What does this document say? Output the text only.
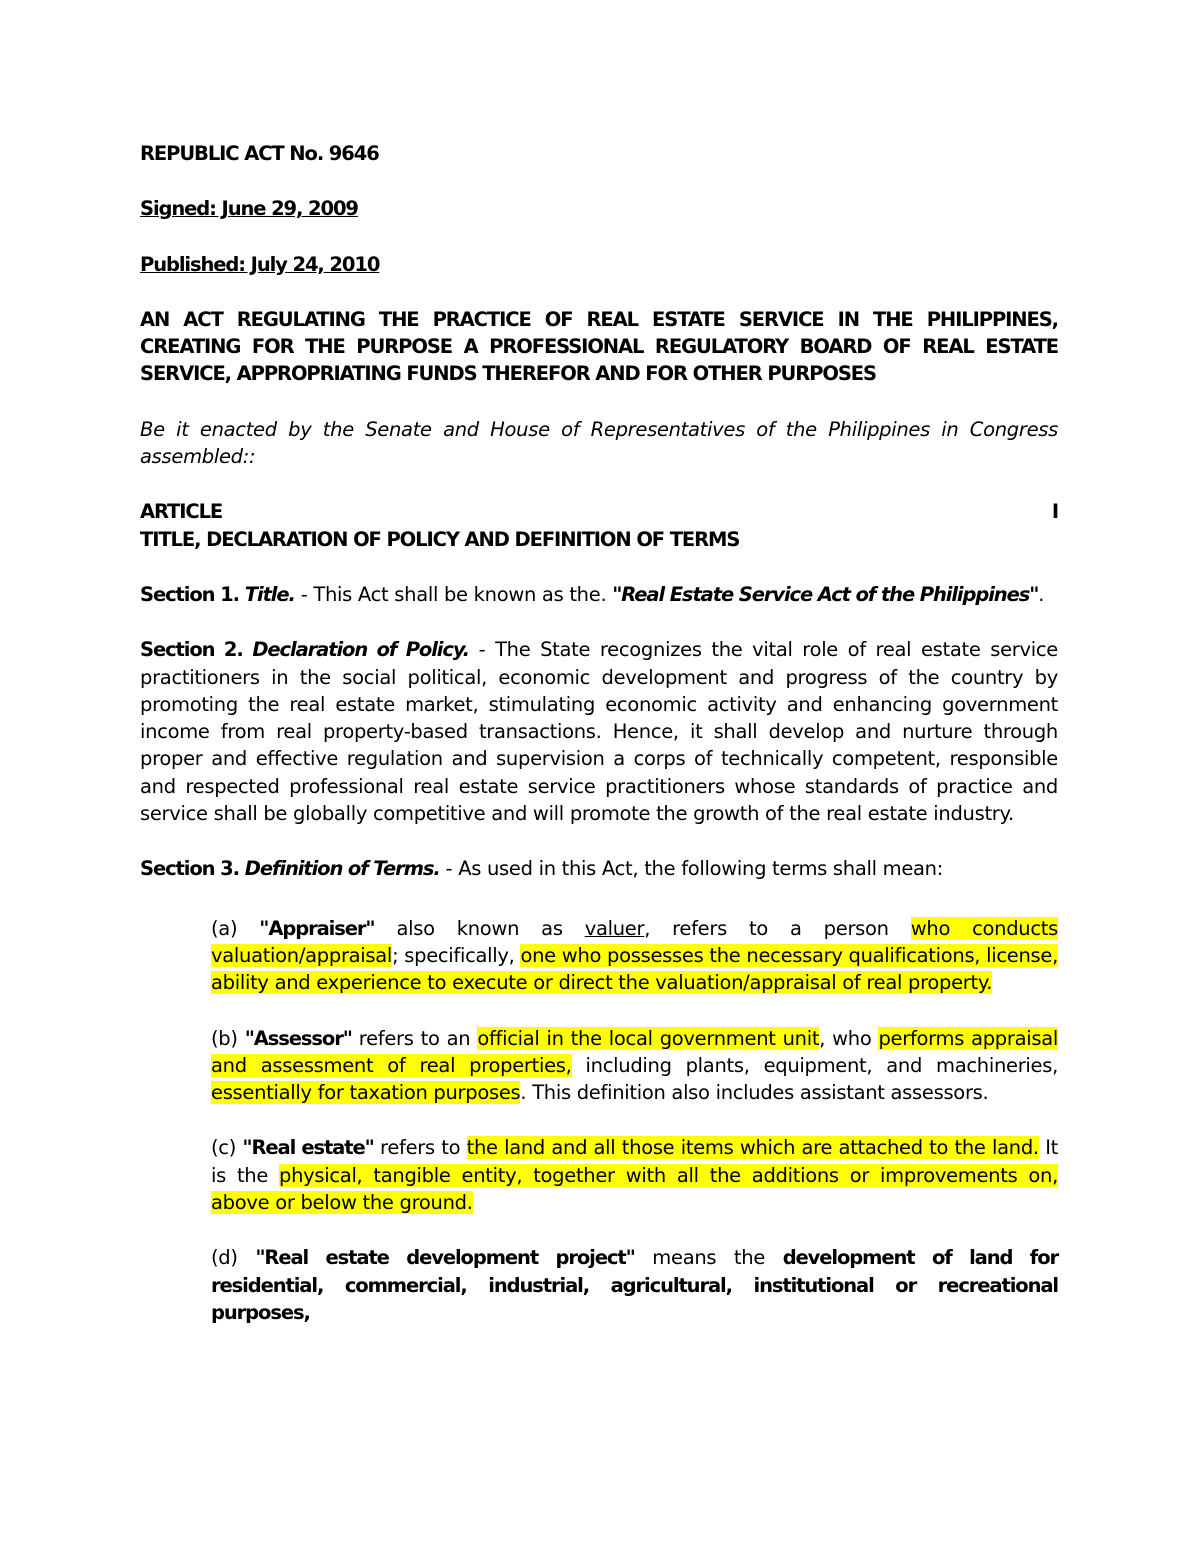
REPUBLIC ACT No. 9646

Signed: June 29, 2009

Published: July 24, 2010

AN ACT REGULATING THE PRACTICE OF REAL ESTATE SERVICE IN THE PHILIPPINES, CREATING FOR THE PURPOSE A PROFESSIONAL REGULATORY BOARD OF REAL ESTATE SERVICE, APPROPRIATING FUNDS THEREFOR AND FOR OTHER PURPOSES

Be it enacted by the Senate and House of Representatives of the Philippines in Congress assembled::

ARTICLE	I
TITLE, DECLARATION OF POLICY AND DEFINITION OF TERMS

Section 1. Title. - This Act shall be known as the. "Real Estate Service Act of the Philippines".

Section 2. Declaration of Policy. - The State recognizes the vital role of real estate service practitioners in the social political, economic development and progress of the country by promoting the real estate market, stimulating economic activity and enhancing government income from real property-based transactions. Hence, it shall develop and nurture through proper and effective regulation and supervision a corps of technically competent, responsible and respected professional real estate service practitioners whose standards of practice and service shall be globally competitive and will promote the growth of the real estate industry.

Section 3. Definition of Terms. - As used in this Act, the following terms shall mean:

(a) "Appraiser" also known as valuer, refers to a person who conducts valuation/appraisal; specifically, one who possesses the necessary qualifications, license, ability and experience to execute or direct the valuation/appraisal of real property.

(b) "Assessor" refers to an official in the local government unit, who performs appraisal and assessment of real properties, including plants, equipment, and machineries, essentially for taxation purposes. This definition also includes assistant assessors.

(c) "Real estate" refers to the land and all those items which are attached to the land. It is the physical, tangible entity, together with all the additions or improvements on, above or below the ground.

(d) "Real estate development project" means the development of land for residential, commercial, industrial, agricultural, institutional or recreational purposes,
